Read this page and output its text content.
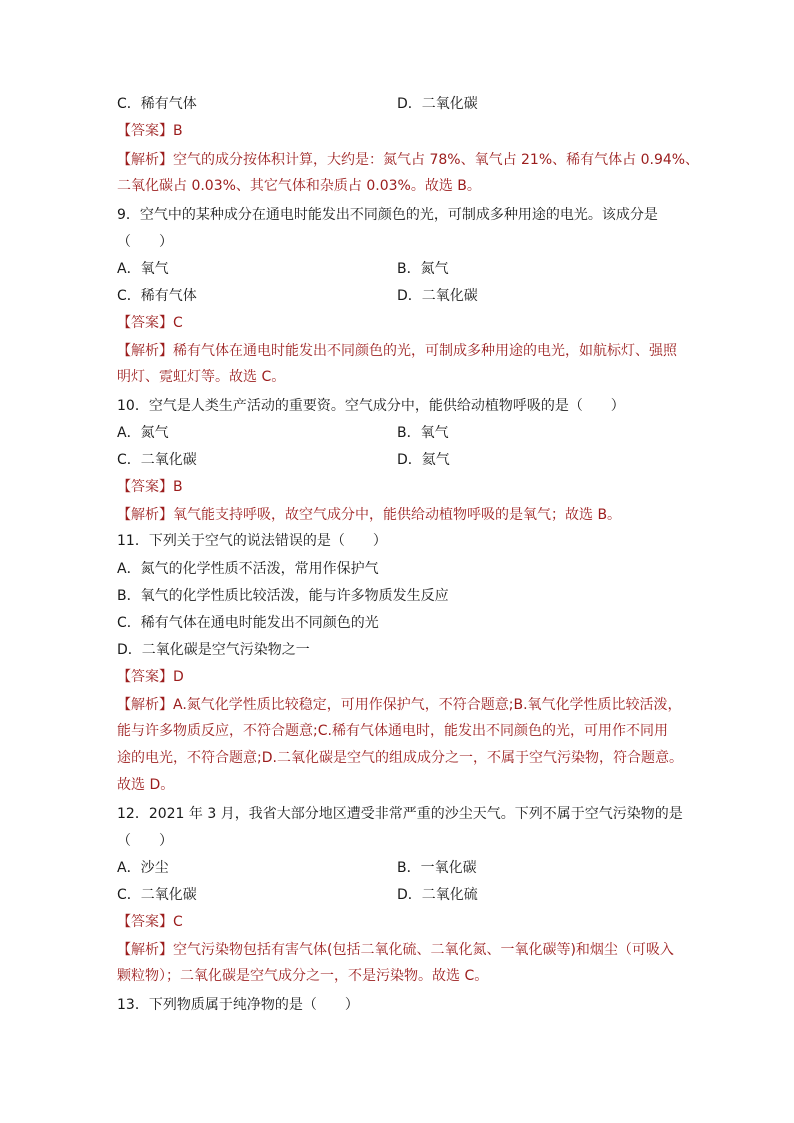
C．稀有气体	D．二氧化碳
【答案】B
【解析】空气的成分按体积计算，大约是：氮气占 78%、氧气占 21%、稀有气体占 0.94%、
二氧化碳占 0.03%、其它气体和杂质占 0.03%。故选 B。
9．空气中的某种成分在通电时能发出不同颜色的光，可制成多种用途的电光。该成分是
（　　）
A．氧气	B．氮气
C．稀有气体	D．二氧化碳
【答案】C
【解析】稀有气体在通电时能发出不同颜色的光，可制成多种用途的电光，如航标灯、强照
明灯、霓虹灯等。故选 C。
10．空气是人类生产活动的重要资。空气成分中，能供给动植物呼吸的是（　　）
A．氮气	B．氧气
C．二氧化碳	D．氦气
【答案】B
【解析】氧气能支持呼吸，故空气成分中，能供给动植物呼吸的是氧气；故选 B。
11．下列关于空气的说法错误的是（　　）
A．氮气的化学性质不活泼，常用作保护气
B．氧气的化学性质比较活泼，能与许多物质发生反应
C．稀有气体在通电时能发出不同颜色的光
D．二氧化碳是空气污染物之一
【答案】D
【解析】A.氮气化学性质比较稳定，可用作保护气，不符合题意;B.氧气化学性质比较活泼，
能与许多物质反应，不符合题意;C.稀有气体通电时，能发出不同颜色的光，可用作不同用
途的电光，不符合题意;D.二氧化碳是空气的组成成分之一，不属于空气污染物，符合题意。
故选 D。
12．2021 年 3 月，我省大部分地区遭受非常严重的沙尘天气。下列不属于空气污染物的是
（　　）
A．沙尘	B．一氧化碳
C．二氧化碳	D．二氧化硫
【答案】C
【解析】空气污染物包括有害气体(包括二氧化硫、二氧化氮、一氧化碳等)和烟尘（可吸入
颗粒物）；二氧化碳是空气成分之一，不是污染物。故选 C。
13．下列物质属于纯净物的是（　　）
